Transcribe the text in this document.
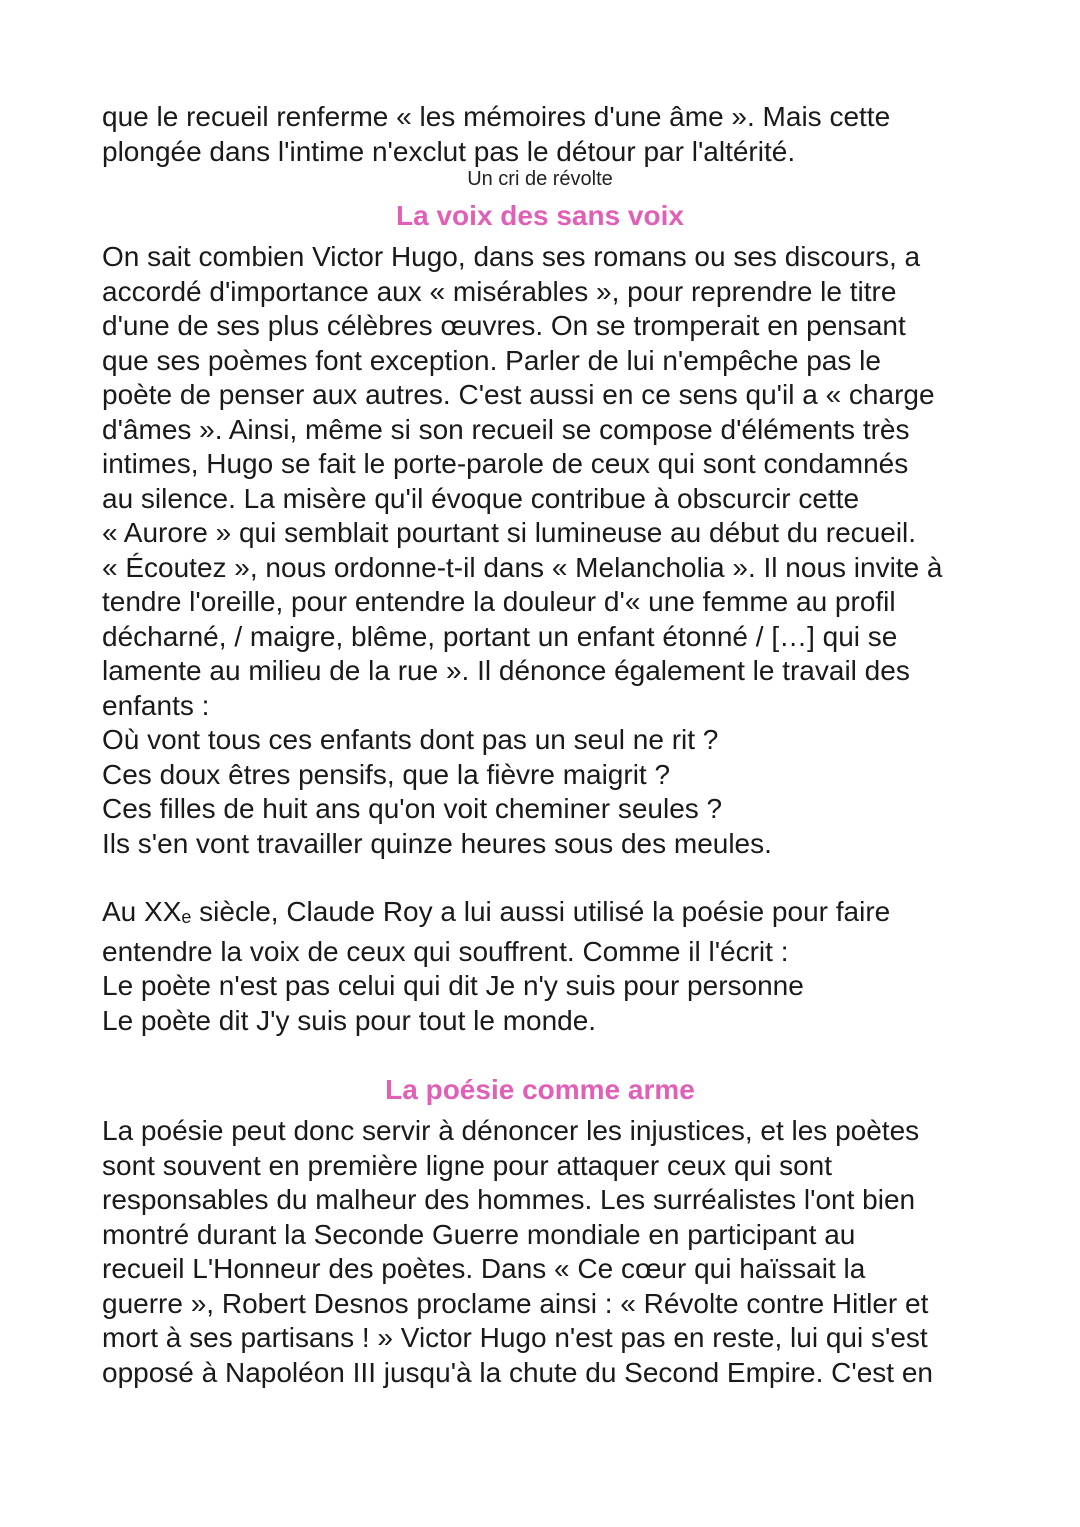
que le recueil renferme « les mémoires d'une âme ». Mais cette
plongée dans l'intime n'exclut pas le détour par l'altérité.

Un cri de révolte
La voix des sans voix

On sait combien Victor Hugo, dans ses romans ou ses discours, a
accordé d'importance aux « misérables », pour reprendre le titre
d'une de ses plus célèbres œuvres. On se tromperait en pensant
que ses poèmes font exception. Parler de lui n'empêche pas le
poète de penser aux autres. C'est aussi en ce sens qu'il a « charge
d'âmes ». Ainsi, même si son recueil se compose d'éléments très
intimes, Hugo se fait le porte-parole de ceux qui sont condamnés
au silence. La misère qu'il évoque contribue à obscurcir cette
« Aurore » qui semblait pourtant si lumineuse au début du recueil.
« Écoutez », nous ordonne-t-il dans « Melancholia ». Il nous invite à
tendre l'oreille, pour entendre la douleur d'« une femme au profil
décharné, / maigre, blême, portant un enfant étonné / […] qui se
lamente au milieu de la rue ». Il dénonce également le travail des
enfants :

Où vont tous ces enfants dont pas un seul ne rit ?
Ces doux êtres pensifs, que la fièvre maigrit ?
Ces filles de huit ans qu'on voit cheminer seules ?
Ils s'en vont travailler quinze heures sous des meules.

Au $XX_e$ siècle, Claude Roy a lui aussi utilisé la poésie pour faire
entendre la voix de ceux qui souffrent. Comme il l'écrit :
Le poète n'est pas celui qui dit Je n'y suis pour personne
Le poète dit J'y suis pour tout le monde.

La poésie comme arme

La poésie peut donc servir à dénoncer les injustices, et les poètes
sont souvent en première ligne pour attaquer ceux qui sont
responsables du malheur des hommes. Les surréalistes l'ont bien
montré durant la Seconde Guerre mondiale en participant au
recueil L'Honneur des poètes. Dans « Ce cœur qui haïssait la
guerre », Robert Desnos proclame ainsi : « Révolte contre Hitler et
mort à ses partisans ! » Victor Hugo n'est pas en reste, lui qui s'est
opposé à Napoléon III jusqu'à la chute du Second Empire. C'est en
